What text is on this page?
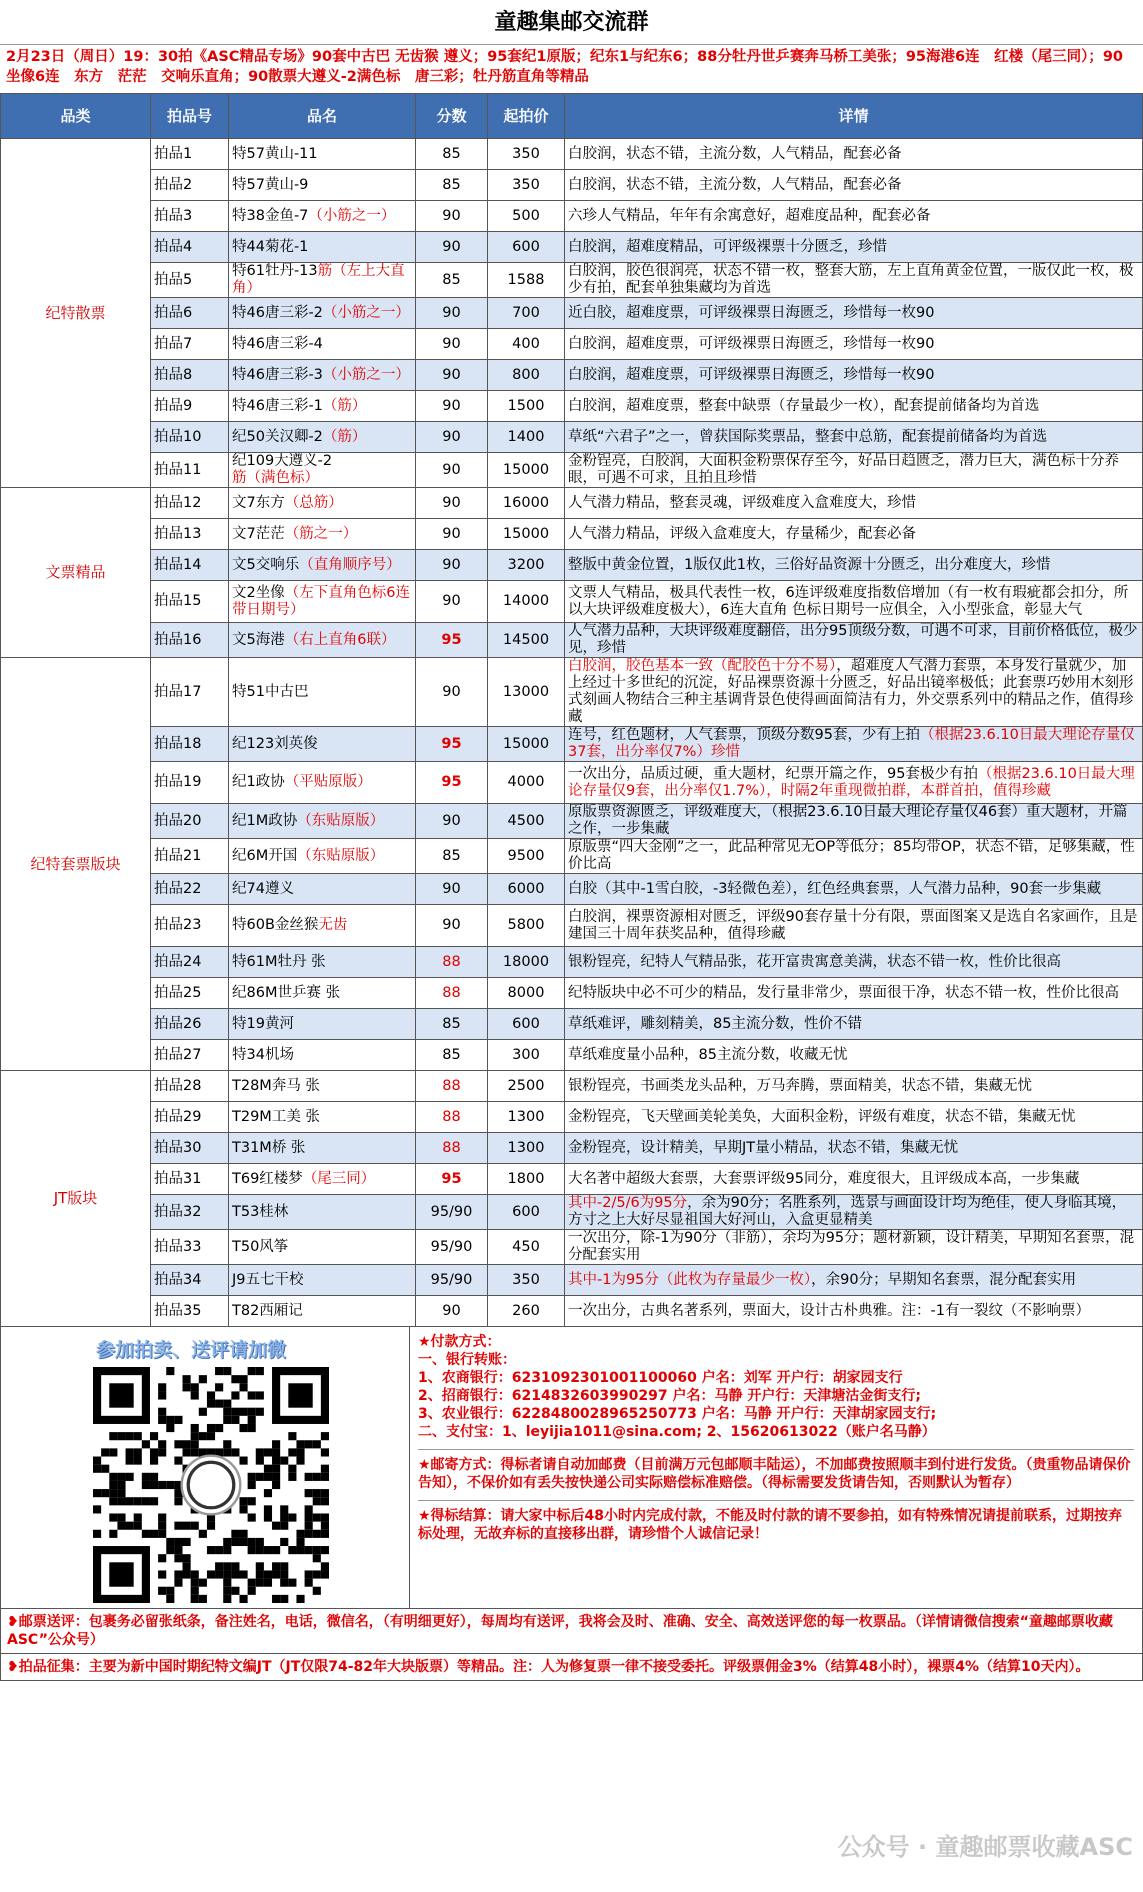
童趣集邮交流群
2月23日（周日）19：30拍《ASC精品专场》90套中古巴 无齿猴 遵义；95套纪1原版；纪东1与纪东6；88分牡丹世乒赛奔马桥工美张；95海港6连　红楼（尾三同）；90坐像6连　东方　茫茫　交响乐直角；90散票大遵义-2满色标　唐三彩；牡丹筋直角等精品
品类	拍品号	品名	分数	起拍价	详情
纪特散票	拍品1	特57黄山-11	85	350	白胶润，状态不错，主流分数，人气精品，配套必备
	拍品2	特57黄山-9	85	350	白胶润，状态不错，主流分数，人气精品，配套必备
	拍品3	特38金鱼-7（小筋之一）	90	500	六珍人气精品，年年有余寓意好，超难度品种，配套必备
	拍品4	特44菊花-1	90	600	白胶润，超难度精品，可评级裸票十分匮乏，珍惜
	拍品5	特61牡丹-13筋（左上大直角）	85	1588	白胶润，胶色很润亮，状态不错一枚，整套大筋，左上直角黄金位置，一版仅此一枚，极少有拍，配套单独集藏均为首选
	拍品6	特46唐三彩-2（小筋之一）	90	700	近白胶，超难度票，可评级裸票日海匮乏，珍惜每一枚90
	拍品7	特46唐三彩-4	90	400	白胶润，超难度票，可评级裸票日海匮乏，珍惜每一枚90
	拍品8	特46唐三彩-3（小筋之一）	90	800	白胶润，超难度票，可评级裸票日海匮乏，珍惜每一枚90
	拍品9	特46唐三彩-1（筋）	90	1500	白胶润，超难度票，整套中缺票（存量最少一枚），配套提前储备均为首选
	拍品10	纪50关汉卿-2（筋）	90	1400	草纸“六君子”之一，曾获国际奖票品，整套中总筋，配套提前储备均为首选
	拍品11	纪109大遵义-2筋（满色标）	90	15000	金粉锃亮，白胶润，大面积金粉票保存至今，好品日趋匮乏，潜力巨大，满色标十分养眼，可遇不可求，且拍且珍惜
文票精品	拍品12	文7东方（总筋）	90	16000	人气潜力精品，整套灵魂，评级难度入盒难度大，珍惜
	拍品13	文7茫茫（筋之一）	90	15000	人气潜力精品，评级入盒难度大，存量稀少，配套必备
	拍品14	文5交响乐（直角顺序号）	90	3200	整版中黄金位置，1版仅此1枚，三俗好品资源十分匮乏，出分难度大，珍惜
	拍品15	文2坐像（左下直角色标6连带日期号）	90	14000	文票人气精品，极具代表性一枚，6连评级难度指数倍增加（有一枚有瑕疵都会扣分，所以大块评级难度极大），6连大直角 色标日期号一应俱全，入小型张盒，彰显大气
	拍品16	文5海港（右上直角6联）	95	14500	人气潜力品种，大块评级难度翻倍，出分95顶级分数，可遇不可求，目前价格低位，极少见，珍惜
纪特套票版块	拍品17	特51中古巴	90	13000	白胶润，胶色基本一致（配胶色十分不易），超难度人气潜力套票，本身发行量就少，加上经过十多世纪的沉淀，好品裸票资源十分匮乏，好品出镜率极低；此套票巧妙用木刻形式刻画人物结合三种主基调背景色使得画面简洁有力，外交票系列中的精品之作，值得珍藏
	拍品18	纪123刘英俊	95	15000	连号，红色题材，人气套票，顶级分数95套，少有上拍（根据23.6.10日最大理论存量仅37套，出分率仅7%）珍惜
	拍品19	纪1政协（平贴原版）	95	4000	一次出分，品质过硬，重大题材，纪票开篇之作，95套极少有拍（根据23.6.10日最大理论存量仅9套，出分率仅1.7%），时隔2年重现微拍群，本群首拍，值得珍藏
	拍品20	纪1M政协（东贴原版）	90	4500	原版票资源匮乏，评级难度大，（根据23.6.10日最大理论存量仅46套）重大题材，开篇之作，一步集藏
	拍品21	纪6M开国（东贴原版）	85	9500	原版票“四大金刚”之一，此品种常见无OP等低分；85均带OP，状态不错，足够集藏，性价比高
	拍品22	纪74遵义	90	6000	白胶（其中-1雪白胶，-3轻微色差），红色经典套票，人气潜力品种，90套一步集藏
	拍品23	特60B金丝猴无齿	90	5800	白胶润，裸票资源相对匮乏，评级90套存量十分有限，票面图案又是选自名家画作，且是建国三十周年获奖品种，值得珍藏
	拍品24	特61M牡丹 张	88	18000	银粉锃亮，纪特人气精品张，花开富贵寓意美满，状态不错一枚，性价比很高
	拍品25	纪86M世乒赛 张	88	8000	纪特版块中必不可少的精品，发行量非常少，票面很干净，状态不错一枚，性价比很高
	拍品26	特19黄河	85	600	草纸难评，雕刻精美，85主流分数，性价不错
	拍品27	特34机场	85	300	草纸难度量小品种，85主流分数，收藏无忧
JT版块	拍品28	T28M奔马 张	88	2500	银粉锃亮，书画类龙头品种，万马奔腾，票面精美，状态不错，集藏无忧
	拍品29	T29M工美 张	88	1300	金粉锃亮，飞天壁画美轮美奂，大面积金粉，评级有难度，状态不错，集藏无忧
	拍品30	T31M桥 张	88	1300	金粉锃亮，设计精美，早期JT量小精品，状态不错，集藏无忧
	拍品31	T69红楼梦（尾三同）	95	1800	大名著中超级大套票，大套票评级95同分，难度很大，且评级成本高，一步集藏
	拍品32	T53桂林	95/90	600	其中-2/5/6为95分，余为90分；名胜系列，选景与画面设计均为绝佳，使人身临其境，方寸之上大好尽显祖国大好河山，入盒更显精美
	拍品33	T50风筝	95/90	450	一次出分，除-1为90分（非筋），余均为95分；题材新颖，设计精美，早期知名套票，混分配套实用
	拍品34	J9五七干校	95/90	350	其中-1为95分（此枚为存量最少一枚），余90分；早期知名套票，混分配套实用
	拍品35	T82西厢记	90	260	一次出分，古典名著系列，票面大，设计古朴典雅。注：-1有一裂纹（不影响票）
参加拍卖、送评请加微	★付款方式：
一、银行转账：
1、农商银行：6231092301001100060 户名：刘军 开户行：胡家园支行
2、招商银行：6214832603990297 户名：马静 开户行：天津塘沽金街支行;
3、农业银行：6228480028965250773 户名：马静 开户行：天津胡家园支行;
二、支付宝：1、leyijia1011@sina.com; 2、15620613022（账户名马静）
★邮寄方式：得标者请自动加邮费（目前满万元包邮顺丰陆运），不加邮费按照顺丰到付进行发货。（贵重物品请保价告知），不保价如有丢失按快递公司实际赔偿标准赔偿。（得标需要发货请告知，否则默认为暂存）
★得标结算：请大家中标后48小时内完成付款，不能及时付款的请不要参拍，如有特殊情况请提前联系，过期按弃标处理，无故弃标的直接移出群，请珍惜个人诚信记录！
❥邮票送评：包裹务必留张纸条，备注姓名，电话，微信名，（有明细更好），每周均有送评，我将会及时、准确、安全、高效送评您的每一枚票品。（详情请微信搜索“童趣邮票收藏ASC”公众号）
❥拍品征集：主要为新中国时期纪特文编JT（JT仅限74-82年大块版票）等精品。注：人为修复票一律不接受委托。评级票佣金3%（结算48小时），裸票4%（结算10天内）。
公众号 · 童趣邮票收藏ASC
